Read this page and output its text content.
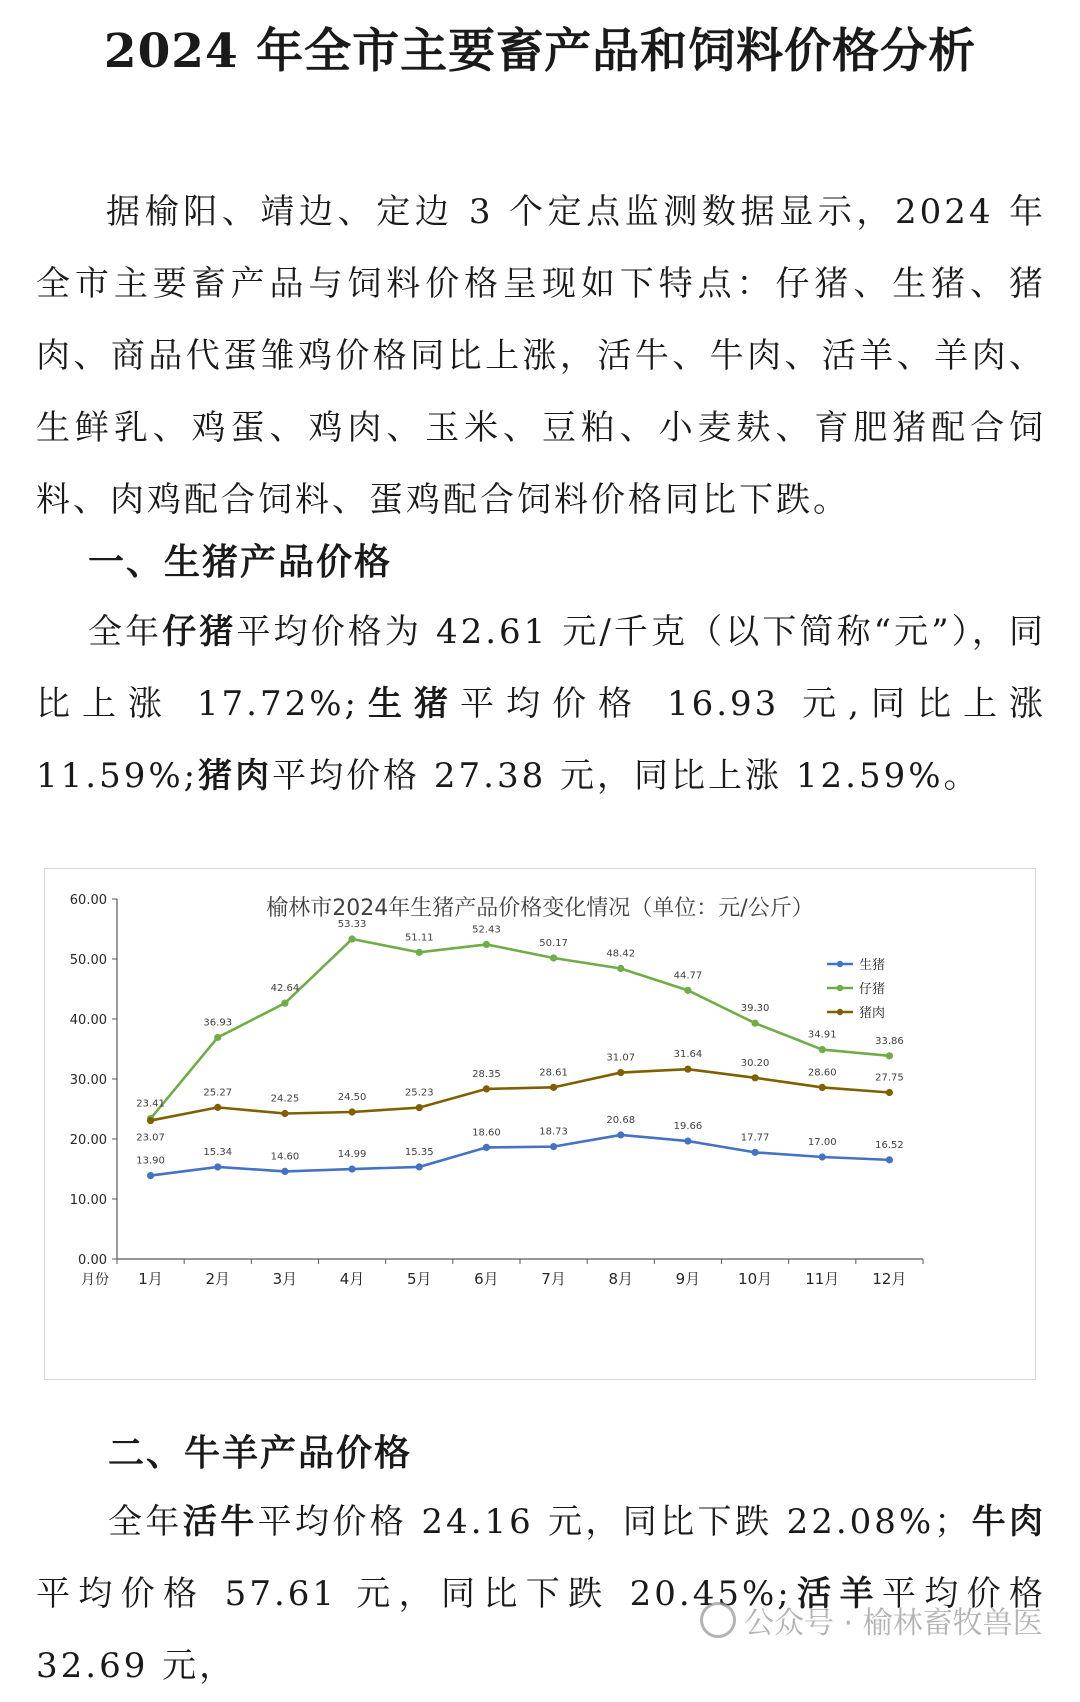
2024 年全市主要畜产品和饲料价格分析

据榆阳、靖边、定边 3 个定点监测数据显示，2024 年全市主要畜产品与饲料价格呈现如下特点：仔猪、生猪、猪肉、商品代蛋雏鸡价格同比上涨，活牛、牛肉、活羊、羊肉、生鲜乳、鸡蛋、鸡肉、玉米、豆粕、小麦麸、育肥猪配合饲料、肉鸡配合饲料、蛋鸡配合饲料价格同比下跌。

一、生猪产品价格

全年仔猪平均价格为 42.61 元/千克（以下简称“元”），同比上涨 17.72%;生猪平均价格 16.93 元,同比上涨 11.59%;猪肉平均价格 27.38 元，同比上涨 12.59%。

榆林市2024年生猪产品价格变化情况（单位：元/公斤）
0.00
10.00
20.00
30.00
40.00
50.00
60.00
1月	2月	3月	4月	5月	6月	7月	8月	9月	10月 11月 12月
月份
13.90
15.34	14.60	14.99	15.35
18.60	18.73
20.68
19.66
17.77	17.00	16.52
23.41
36.93
42.64
53.33
51.11
52.43
50.17
48.42
44.77
39.30
34.91
33.86
23.07
25.27
24.25	24.50	25.23
28.35	28.61
31.07	31.64
30.20
28.60	27.75
生猪
仔猪
猪肉
二、牛羊产品价格

全年活牛平均价格 24.16 元，同比下跌 22.08%；牛肉平均价格 57.61 元，同比下跌 20.45%;活羊平均价格 32.69 元，

公众号 · 榆林畜牧兽医
